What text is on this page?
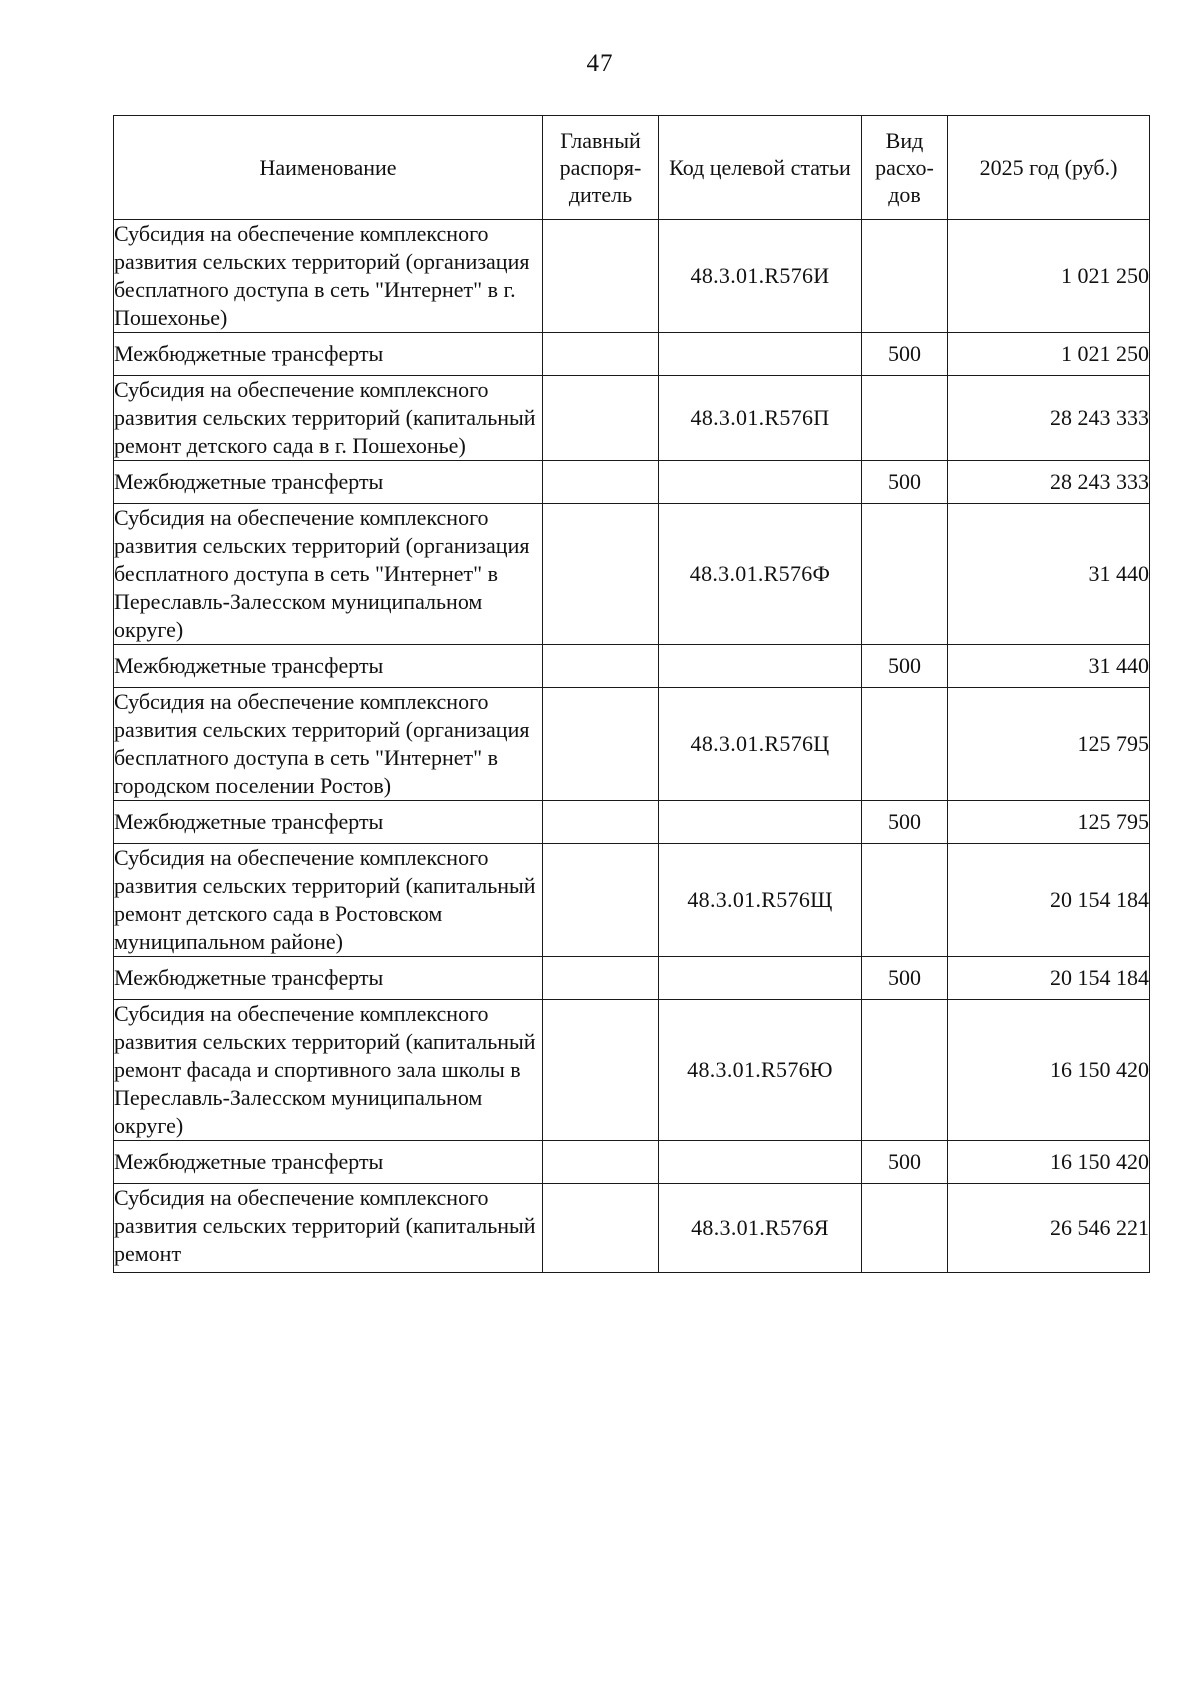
47
Наименование	Главный распоря-дитель	Код целевой статьи	Вид расхо-дов	2025 год (руб.)
Субсидия на обеспечение комплексного развития сельских территорий (организация бесплатного доступа в сеть "Интернет" в г. Пошехонье)		48.3.01.R576И		1 021 250
Межбюджетные трансферты			500	1 021 250
Субсидия на обеспечение комплексного развития сельских территорий (капитальный ремонт детского сада в г. Пошехонье)		48.3.01.R576П		28 243 333
Межбюджетные трансферты			500	28 243 333
Субсидия на обеспечение комплексного развития сельских территорий (организация бесплатного доступа в сеть "Интернет" в Переславль-Залесском муниципальном округе)		48.3.01.R576Ф		31 440
Межбюджетные трансферты			500	31 440
Субсидия на обеспечение комплексного развития сельских территорий (организация бесплатного доступа в сеть "Интернет" в городском поселении Ростов)		48.3.01.R576Ц		125 795
Межбюджетные трансферты			500	125 795
Субсидия на обеспечение комплексного развития сельских территорий (капитальный ремонт детского сада в Ростовском муниципальном районе)		48.3.01.R576Щ		20 154 184
Межбюджетные трансферты			500	20 154 184
Субсидия на обеспечение комплексного развития сельских территорий (капитальный ремонт фасада и спортивного зала школы в Переславль-Залесском муниципальном округе)		48.3.01.R576Ю		16 150 420
Межбюджетные трансферты			500	16 150 420
Субсидия на обеспечение комплексного развития сельских территорий (капитальный ремонт		48.3.01.R576Я		26 546 221
